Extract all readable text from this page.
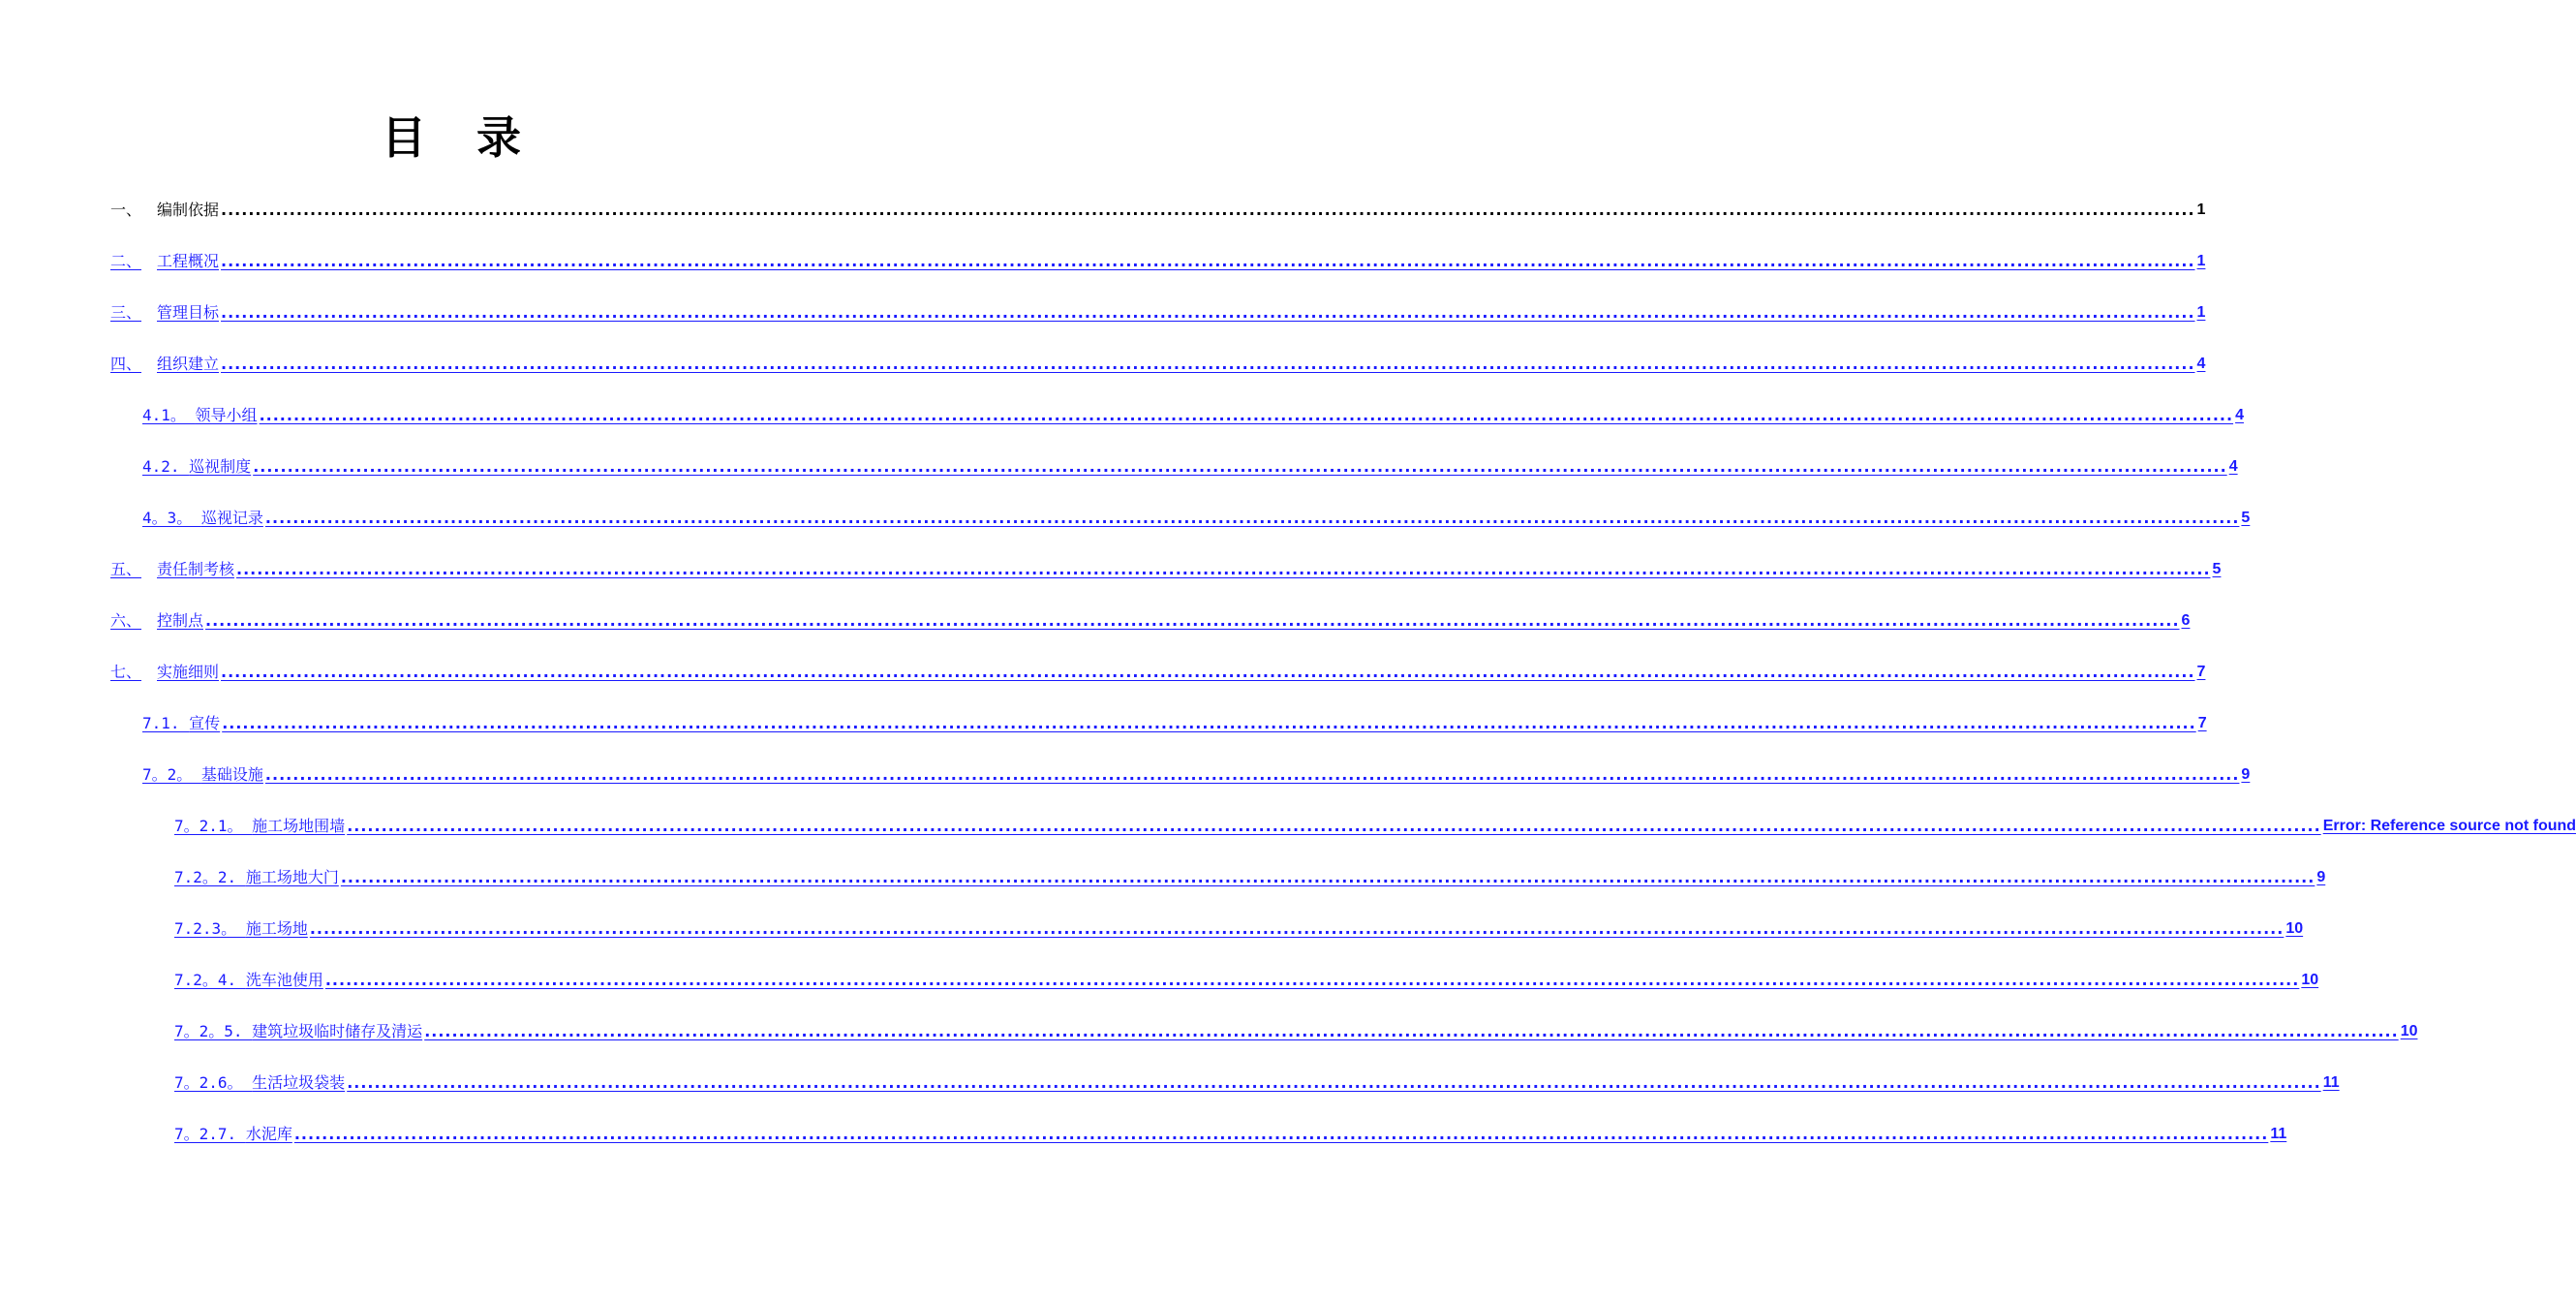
目 录
一、 编制依据 ................................................................................................................................................................................................................................................................................................ 1
二、 工程概况 ................................................................................................................................................................................................................................................................................................ 1
三、 管理目标 ................................................................................................................................................................................................................................................................................................ 1
四、 组织建立 ................................................................................................................................................................................................................................................................................................ 4
4.1。 领导小组 ................................................................................................................................................................................................................................................................................................ 4
4.2. 巡视制度 ................................................................................................................................................................................................................................................................................................ 4
4。3。 巡视记录 ................................................................................................................................................................................................................................................................................................ 5
五、 责任制考核 ................................................................................................................................................................................................................................................................................................ 5
六、 控制点 ................................................................................................................................................................................................................................................................................................ 6
七、 实施细则 ................................................................................................................................................................................................................................................................................................ 7
7.1. 宣传 ................................................................................................................................................................................................................................................................................................ 7
7。2。 基础设施 ................................................................................................................................................................................................................................................................................................ 9
7。2.1。 施工场地围墙 ................................................................................................................................................................................................................................................................................................ Error: Reference source not found
7.2。2. 施工场地大门 ................................................................................................................................................................................................................................................................................................ 9
7.2.3。 施工场地 ................................................................................................................................................................................................................................................................................................ 10
7.2。4. 洗车池使用 ................................................................................................................................................................................................................................................................................................ 10
7。2。5. 建筑垃圾临时储存及清运 ................................................................................................................................................................................................................................................................................................ 10
7。2.6。 生活垃圾袋装 ................................................................................................................................................................................................................................................................................................ 11
7。2.7. 水泥库 ................................................................................................................................................................................................................................................................................................ 11
